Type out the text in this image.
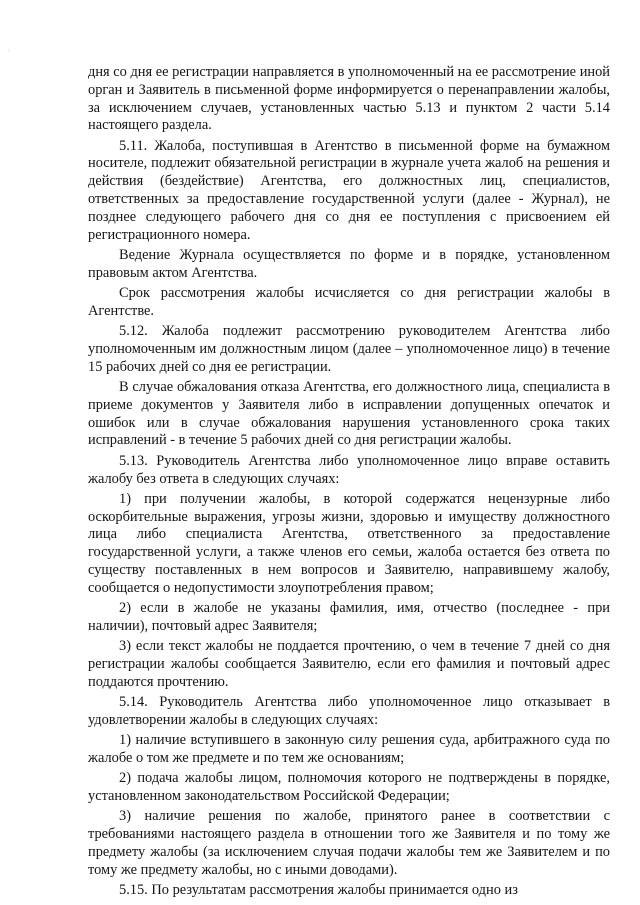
· ·

дня со дня ее регистрации направляется в уполномоченный на ее рассмотрение иной орган и Заявитель в письменной форме информируется о перенаправлении жалобы, за исключением случаев, установленных частью 5.13 и пунктом 2 части 5.14 настоящего раздела.

5.11. Жалоба, поступившая в Агентство в письменной форме на бумажном носителе, подлежит обязательной регистрации в журнале учета жалоб на решения и действия (бездействие) Агентства, его должностных лиц, специалистов, ответственных за предоставление государственной услуги (далее - Журнал), не позднее следующего рабочего дня со дня ее поступления с присвоением ей регистрационного номера.

Ведение Журнала осуществляется по форме и в порядке, установленном правовым актом Агентства.

Срок рассмотрения жалобы исчисляется со дня регистрации жалобы в Агентстве.

5.12. Жалоба подлежит рассмотрению руководителем Агентства либо уполномоченным им должностным лицом (далее – уполномоченное лицо) в течение 15 рабочих дней со дня ее регистрации.

В случае обжалования отказа Агентства, его должностного лица, специалиста в приеме документов у Заявителя либо в исправлении допущенных опечаток и ошибок или в случае обжалования нарушения установленного срока таких исправлений - в течение 5 рабочих дней со дня регистрации жалобы.

5.13. Руководитель Агентства либо уполномоченное лицо вправе оставить жалобу без ответа в следующих случаях:

1) при получении жалобы, в которой содержатся нецензурные либо оскорбительные выражения, угрозы жизни, здоровью и имуществу должностного лица либо специалиста Агентства, ответственного за предоставление государственной услуги, а также членов его семьи, жалоба остается без ответа по существу поставленных в нем вопросов и Заявителю, направившему жалобу, сообщается о недопустимости злоупотребления правом;

2) если в жалобе не указаны фамилия, имя, отчество (последнее - при наличии), почтовый адрес Заявителя;

3) если текст жалобы не поддается прочтению, о чем в течение 7 дней со дня регистрации жалобы сообщается Заявителю, если его фамилия и почтовый адрес поддаются прочтению.

5.14. Руководитель Агентства либо уполномоченное лицо отказывает в удовлетворении жалобы в следующих случаях:

1) наличие вступившего в законную силу решения суда, арбитражного суда по жалобе о том же предмете и по тем же основаниям;

2) подача жалобы лицом, полномочия которого не подтверждены в порядке, установленном законодательством Российской Федерации;

3) наличие решения по жалобе, принятого ранее в соответствии с требованиями настоящего раздела в отношении того же Заявителя и по тому же предмету жалобы (за исключением случая подачи жалобы тем же Заявителем и по тому же предмету жалобы, но с иными доводами).

5.15. По результатам рассмотрения жалобы принимается одно из
